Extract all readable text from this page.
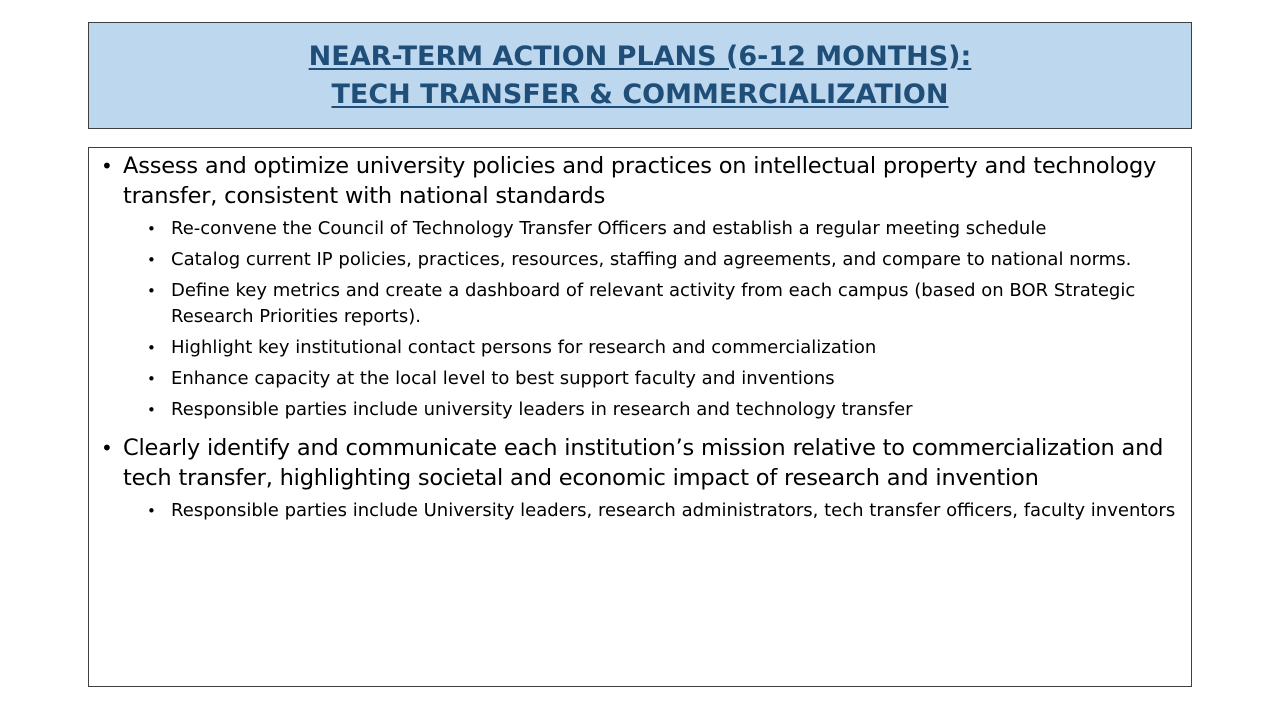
NEAR-TERM ACTION PLANS (6-12 MONTHS):
TECH TRANSFER & COMMERCIALIZATION
• Assess and optimize university policies and practices on intellectual property and technology transfer, consistent with national standards
• Re-convene the Council of Technology Transfer Officers and establish a regular meeting schedule
• Catalog current IP policies, practices, resources, staffing and agreements, and compare to national norms.
• Define key metrics and create a dashboard of relevant activity from each campus (based on BOR Strategic Research Priorities reports).
• Highlight key institutional contact persons for research and commercialization
• Enhance capacity at the local level to best support faculty and inventions
• Responsible parties include university leaders in research and technology transfer
• Clearly identify and communicate each institution’s mission relative to commercialization and tech transfer, highlighting societal and economic impact of research and invention
• Responsible parties include University leaders, research administrators, tech transfer officers, faculty inventors
